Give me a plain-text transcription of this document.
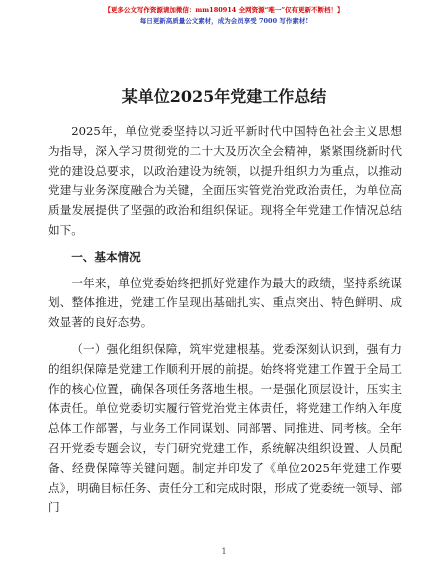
【更多公文写作资源请加微信：mm180914 全网资源“唯一”仅有更新不断档！】
每日更新高质量公文素材，成为会员享受 7000 写作素材!
某单位2025年党建工作总结

2025年，单位党委坚持以习近平新时代中国特色社会主义思想为指导，深入学习贯彻党的二十大及历次全会精神，紧紧围绕新时代党的建设总要求，以政治建设为统领，以提升组织力为重点，以推动党建与业务深度融合为关键，全面压实管党治党政治责任，为单位高质量发展提供了坚强的政治和组织保证。现将全年党建工作情况总结如下。

一、基本情况

一年来，单位党委始终把抓好党建作为最大的政绩，坚持系统谋划、整体推进，党建工作呈现出基础扎实、重点突出、特色鲜明、成效显著的良好态势。

（一）强化组织保障，筑牢党建根基。党委深刻认识到，强有力的组织保障是党建工作顺利开展的前提。始终将党建工作置于全局工作的核心位置，确保各项任务落地生根。一是强化顶层设计，压实主体责任。单位党委切实履行管党治党主体责任，将党建工作纳入年度总体工作部署，与业务工作同谋划、同部署、同推进、同考核。全年召开党委专题会议，专门研究党建工作，系统解决组织设置、人员配备、经费保障等关键问题。制定并印发了《单位2025年党建工作要点》，明确目标任务、责任分工和完成时限，形成了党委统一领导、部门

1
